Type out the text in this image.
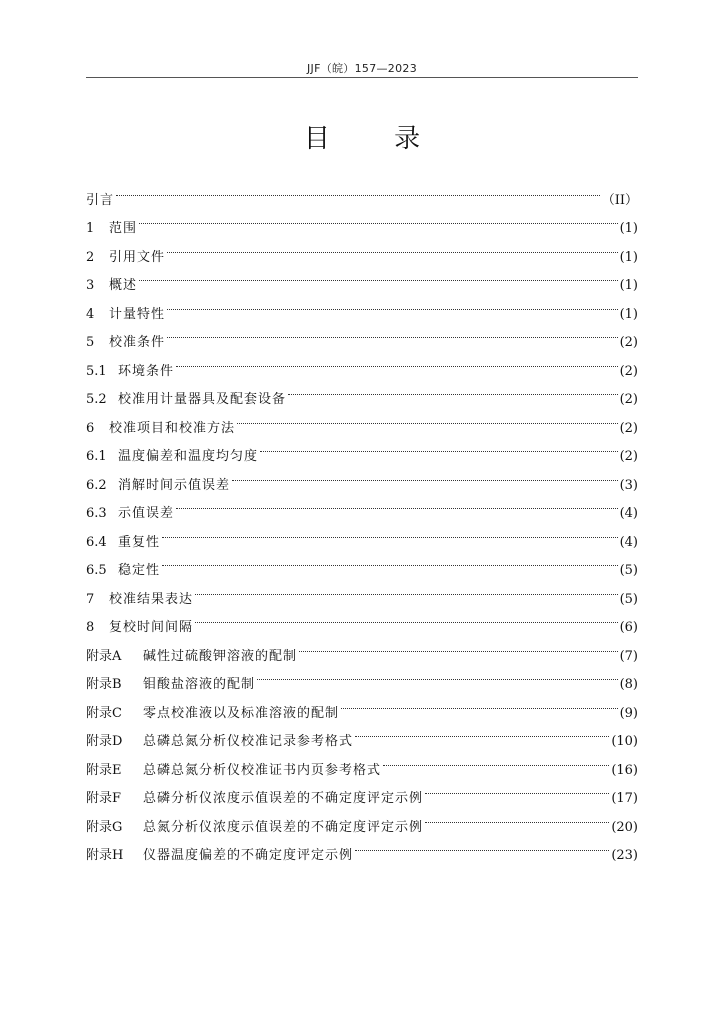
JJF（皖）157—2023
目 录
引言	（II）
1	范围	(1)
2	引用文件	(1)
3	概述	(1)
4	计量特性	(1)
5	校准条件	(2)
5.1 环境条件	(2)
5.2 校准用计量器具及配套设备	(2)
6	校准项目和校准方法	(2)
6.1 温度偏差和温度均匀度	(2)
6.2 消解时间示值误差	(3)
6.3 示值误差	(4)
6.4 重复性	(4)
6.5 稳定性	(5)
7	校准结果表达	(5)
8	复校时间间隔	(6)
附录A	碱性过硫酸钾溶液的配制	(7)
附录B	钼酸盐溶液的配制	(8)
附录C	零点校准液以及标准溶液的配制	(9)
附录D	总磷总氮分析仪校准记录参考格式	(10)
附录E	总磷总氮分析仪校准证书内页参考格式	(16)
附录F	总磷分析仪浓度示值误差的不确定度评定示例	(17)
附录G	总氮分析仪浓度示值误差的不确定度评定示例	(20)
附录H	仪器温度偏差的不确定度评定示例	(23)
